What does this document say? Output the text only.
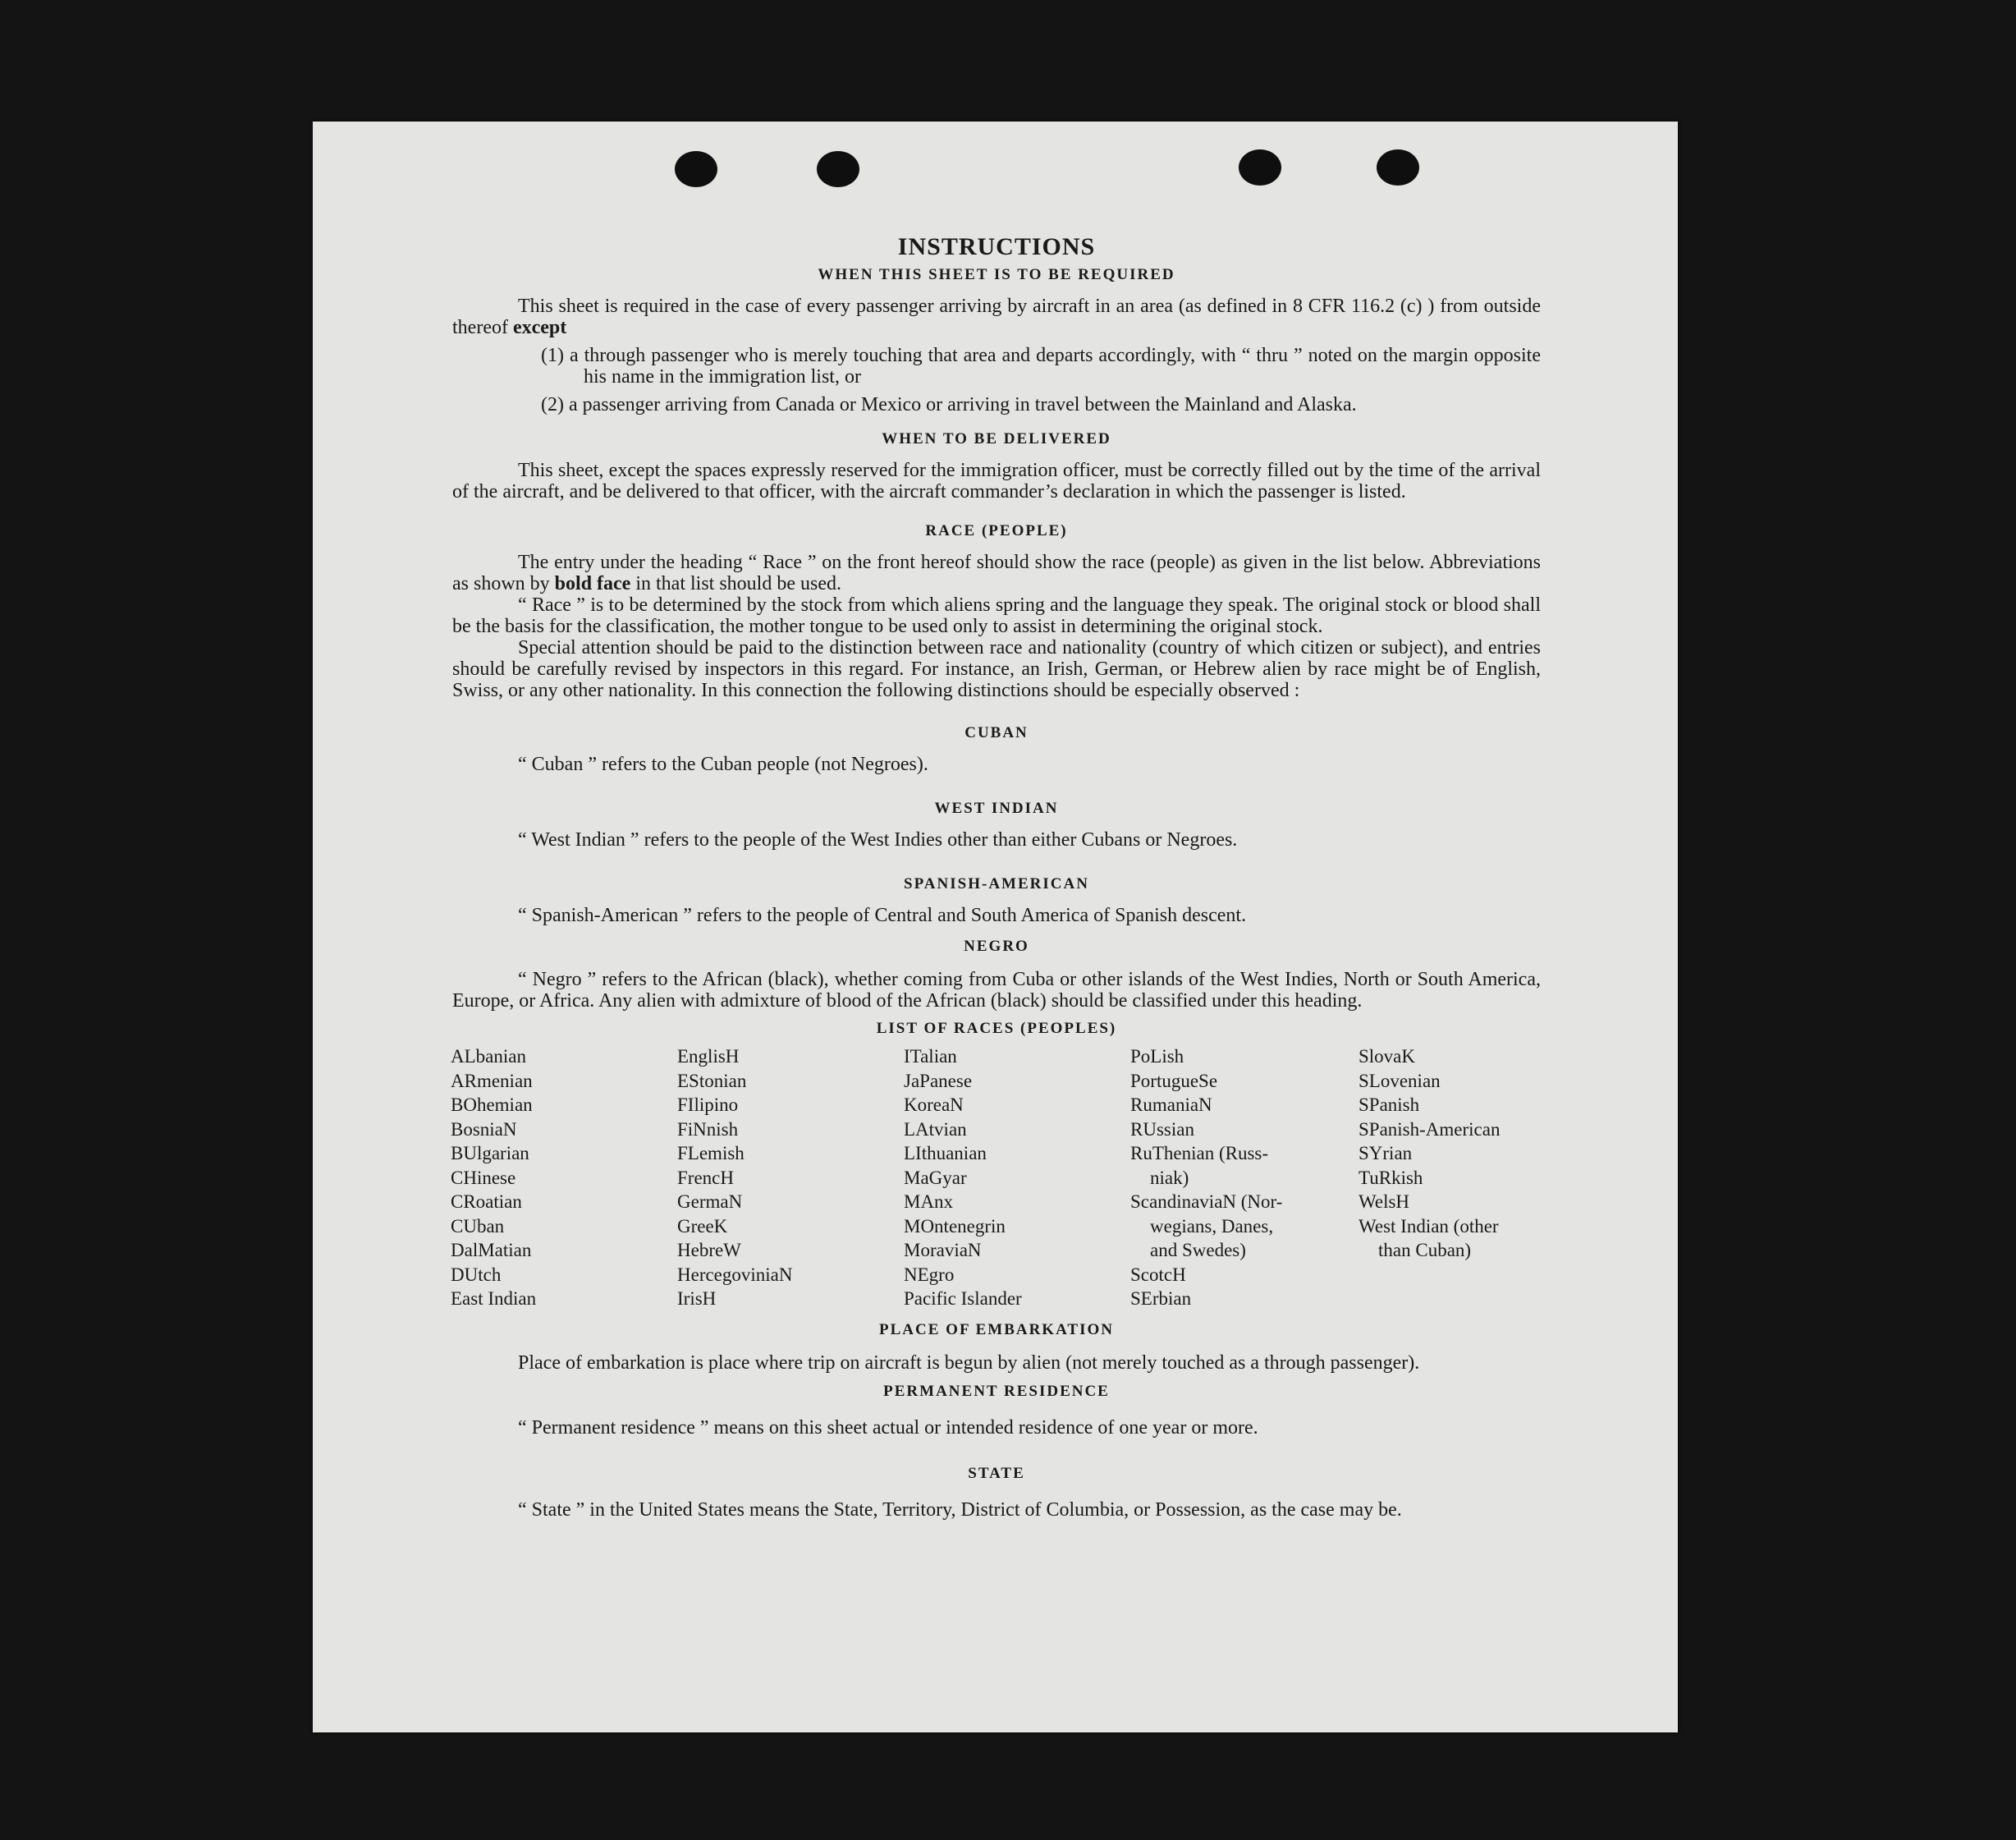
INSTRUCTIONS
WHEN THIS SHEET IS TO BE REQUIRED

This sheet is required in the case of every passenger arriving by aircraft in an area (as defined in 8 CFR 116.2 (c) ) from outside thereof except

(1) a through passenger who is merely touching that area and departs accordingly, with “ thru ” noted on the margin opposite his name in the immigration list, or

(2) a passenger arriving from Canada or Mexico or arriving in travel between the Mainland and Alaska.

WHEN TO BE DELIVERED

This sheet, except the spaces expressly reserved for the immigration officer, must be correctly filled out by the time of the arrival of the aircraft, and be delivered to that officer, with the aircraft commander’s declaration in which the passenger is listed.

RACE (PEOPLE)

The entry under the heading “ Race ” on the front hereof should show the race (people) as given in the list below. Abbreviations as shown by bold face in that list should be used.

“ Race ” is to be determined by the stock from which aliens spring and the language they speak. The original stock or blood shall be the basis for the classification, the mother tongue to be used only to assist in determining the original stock.

Special attention should be paid to the distinction between race and nationality (country of which citizen or subject), and entries should be carefully revised by inspectors in this regard. For instance, an Irish, German, or Hebrew alien by race might be of English, Swiss, or any other nationality. In this connection the following distinctions should be especially observed :

CUBAN

“ Cuban ” refers to the Cuban people (not Negroes).

WEST INDIAN

“ West Indian ” refers to the people of the West Indies other than either Cubans or Negroes.

SPANISH-AMERICAN

“ Spanish-American ” refers to the people of Central and South America of Spanish descent.

NEGRO

“ Negro ” refers to the African (black), whether coming from Cuba or other islands of the West Indies, North or South America, Europe, or Africa. Any alien with admixture of blood of the African (black) should be classified under this heading.

LIST OF RACES (PEOPLES)
ALbanian	EnglisH	ITalian	PoLish	SlovaK
ARmenian	EStonian	JaPanese	PortugueSe	SLovenian
BOhemian	FIlipino	KoreaN	RumaniaN	SPanish
BosniaN	FiNnish	LAtvian	RUssian	SPanish-American
BUlgarian	FLemish	LIthuanian	RuThenian (Russ-	SYrian
CHinese	FrencH	MaGyar	niak)	TuRkish
CRoatian	GermaN	MAnx	ScandinaviaN (Nor-	WelsH
CUban	GreeK	MOntenegrin	wegians, Danes,	West Indian (other
DalMatian	HebreW	MoraviaN	and Swedes)	than Cuban)
DUtch	HercegoviniaN	NEgro	ScotcH
East Indian	IrisH	Pacific Islander	SErbian
PLACE OF EMBARKATION

Place of embarkation is place where trip on aircraft is begun by alien (not merely touched as a through passenger).

PERMANENT RESIDENCE

“ Permanent residence ” means on this sheet actual or intended residence of one year or more.

STATE

“ State ” in the United States means the State, Territory, District of Columbia, or Possession, as the case may be.
